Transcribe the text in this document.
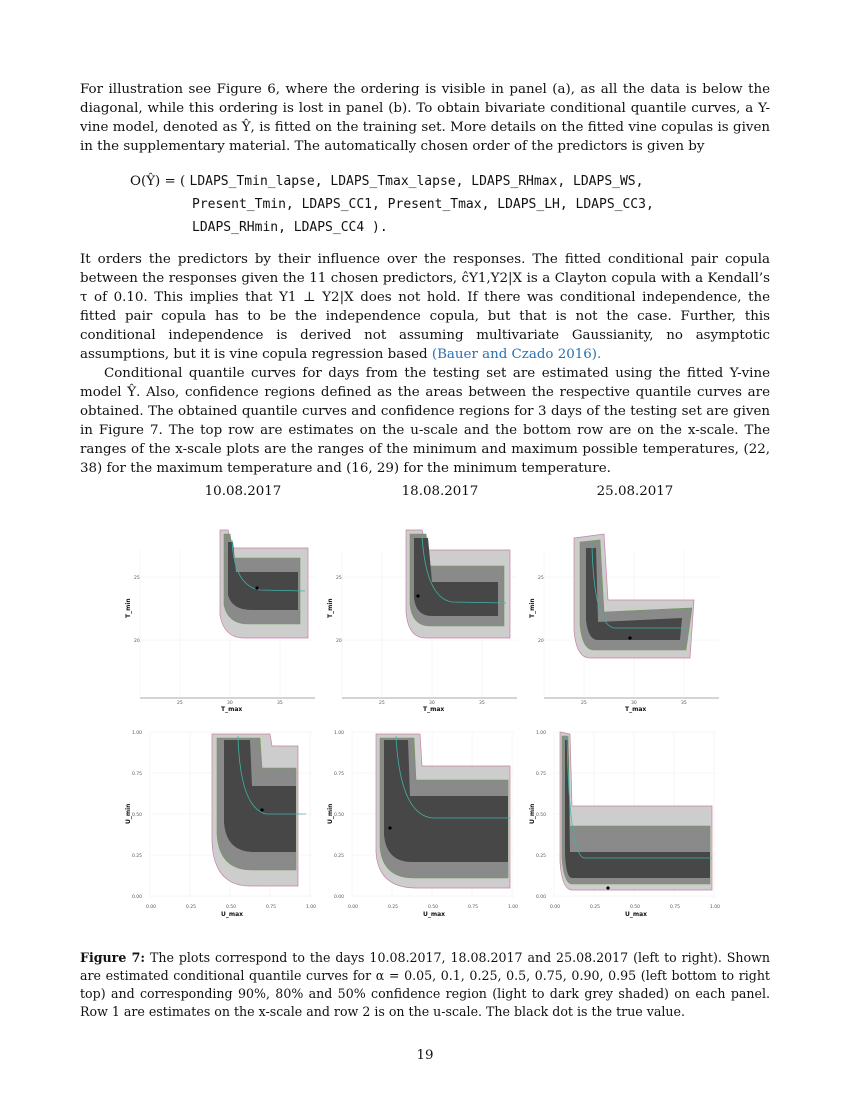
For illustration see Figure 6, where the ordering is visible in panel (a), as all the data is below the diagonal, while this ordering is lost in panel (b). To obtain bivariate conditional quantile curves, a Y-vine model, denoted as Ŷ, is fitted on the training set. More details on the fitted vine copulas is given in the supplementary material. The automatically chosen order of the predictors is given by

O(Ŷ) = ( LDAPS_Tmin_lapse, LDAPS_Tmax_lapse, LDAPS_RHmax, LDAPS_WS,
Present_Tmin, LDAPS_CC1, Present_Tmax, LDAPS_LH, LDAPS_CC3,
LDAPS_RHmin, LDAPS_CC4 ).

It orders the predictors by their influence over the responses. The fitted conditional pair copula between the responses given the 11 chosen predictors, ĉY1,Y2|X is a Clayton copula with a Kendall’s τ of 0.10. This implies that Y1 ⊥ Y2|X does not hold. If there was conditional independence, the fitted pair copula has to be the independence copula, but that is not the case. Further, this conditional independence is derived not assuming multivariate Gaussianity, no asymptotic assumptions, but it is vine copula regression based (Bauer and Czado 2016).

Conditional quantile curves for days from the testing set are estimated using the fitted Y-vine model Ŷ. Also, confidence regions defined as the areas between the respective quantile curves are obtained. The obtained quantile curves and confidence regions for 3 days of the testing set are given in Figure 7. The top row are estimates on the u-scale and the bottom row are on the x-scale. The ranges of the x-scale plots are the ranges of the minimum and maximum possible temperatures, (22, 38) for the maximum temperature and (16, 29) for the minimum temperature.

10.08.2017	18.08.2017	25.08.2017
25
20
25	30	35
T_max
T_min
25
20
25	30	35
T_max
T_min
25
20
25	30	35
T_max
T_min
1.00
0.75
0.50
0.25
0.00
0.00	0.25	0.50	0.75	1.00
U_max
U_min
1.00
0.75
0.50
0.25
0.00
0.00	0.25	0.50	0.75	1.00
U_max
U_min
1.00
0.75
0.50
0.25
0.00
0.00	0.25	0.50	0.75	1.00
U_max
U_min

Figure 7: The plots correspond to the days 10.08.2017, 18.08.2017 and 25.08.2017 (left to right). Shown are estimated conditional quantile curves for α = 0.05, 0.1, 0.25, 0.5, 0.75, 0.90, 0.95 (left bottom to right top) and corresponding 90%, 80% and 50% confidence region (light to dark grey shaded) on each panel. Row 1 are estimates on the x-scale and row 2 is on the u-scale. The black dot is the true value.

19
